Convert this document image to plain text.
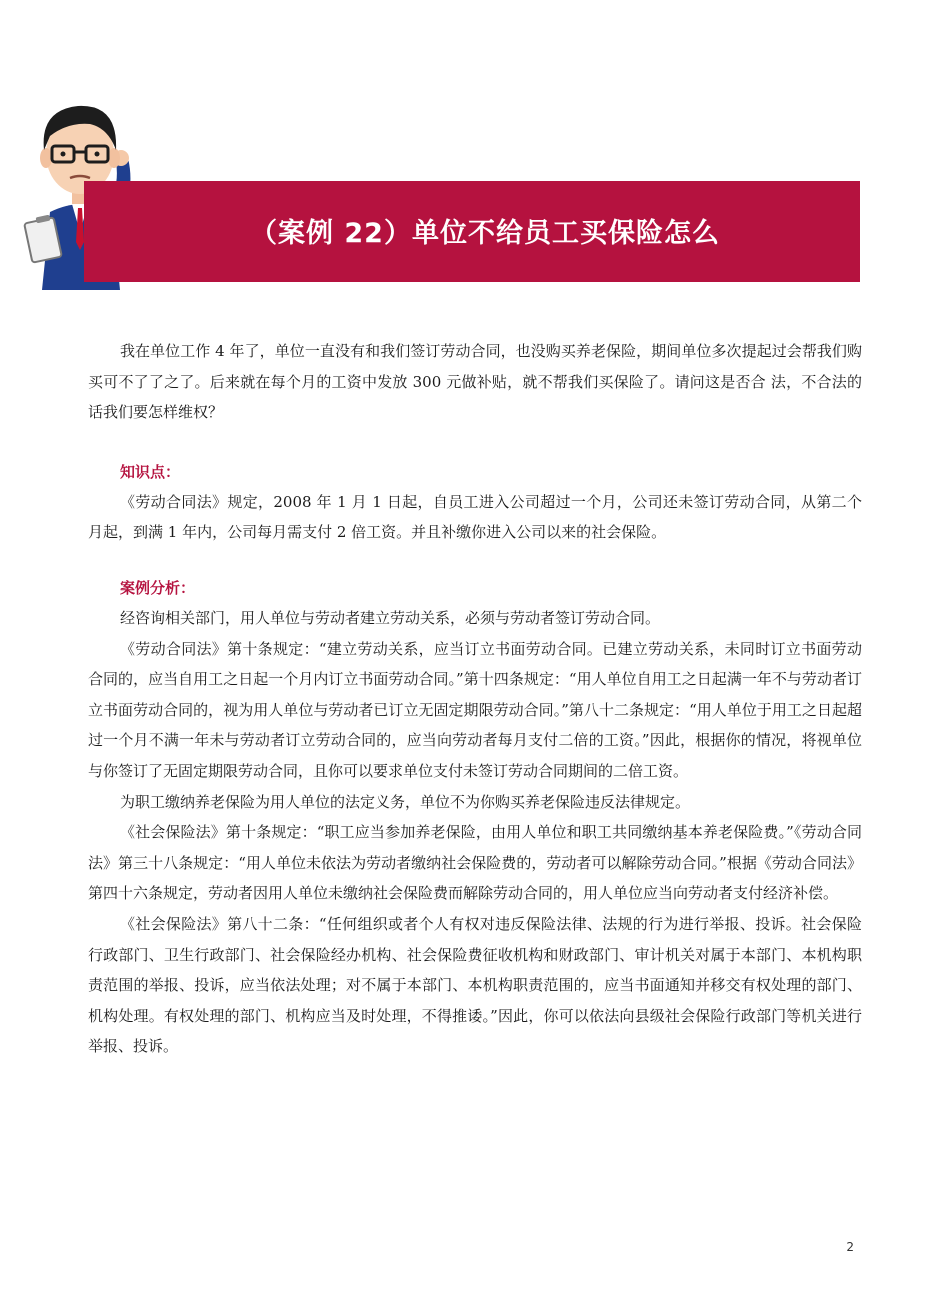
（案例 22）单位不给员工买保险怎么

我在单位工作 4 年了，单位一直没有和我们签订劳动合同，也没购买养老保险，期间单位多次提起过会帮我们购买可不了了之了。后来就在每个月的工资中发放 300 元做补贴，就不帮我们买保险了。请问这是否合 法，不合法的话我们要怎样维权？

知识点：

《劳动合同法》规定，2008 年 1 月 1 日起，自员工进入公司超过一个月，公司还未签订劳动合同，从第二个 月起，到满 1 年内，公司每月需支付 2 倍工资。并且补缴你进入公司以来的社会保险。

案例分析：

经咨询相关部门，用人单位与劳动者建立劳动关系，必须与劳动者签订劳动合同。

《劳动合同法》第十条规定：“建立劳动关系，应当订立书面劳动合同。已建立劳动关系，未同时订立书面劳动合同的，应当自用工之日起一个月内订立书面劳动合同。”第十四条规定：“用人单位自用工之日起满一年不与劳动者订立书面劳动合同的，视为用人单位与劳动者已订立无固定期限劳动合同。”第八十二条规定：“用人单位于用工之日起超过一个月不满一年未与劳动者订立劳动合同的，应当向劳动者每月支付二倍的工资。”因此，根据你的情况，将视单位与你签订了无固定期限劳动合同，且你可以要求单位支付未签订劳动合同期间的二倍工资。

为职工缴纳养老保险为用人单位的法定义务，单位不为你购买养老保险违反法律规定。

《社会保险法》第十条规定：“职工应当参加养老保险，由用人单位和职工共同缴纳基本养老保险费。”《劳动合同法》第三十八条规定：“用人单位未依法为劳动者缴纳社会保险费的，劳动者可以解除劳动合同。”根据《劳动合同法》第四十六条规定，劳动者因用人单位未缴纳社会保险费而解除劳动合同的，用人单位应当向劳动者支付经济补偿。

《社会保险法》第八十二条：“任何组织或者个人有权对违反保险法律、法规的行为进行举报、投诉。社会保险行政部门、卫生行政部门、社会保险经办机构、社会保险费征收机构和财政部门、审计机关对属于本部门、本机构职责范围的举报、投诉，应当依法处理；对不属于本部门、本机构职责范围的，应当书面通知并移交有权处理的部门、机构处理。有权处理的部门、机构应当及时处理，不得推诿。”因此，你可以依法向县级社会保险行政部门等机关进行举报、投诉。

2
